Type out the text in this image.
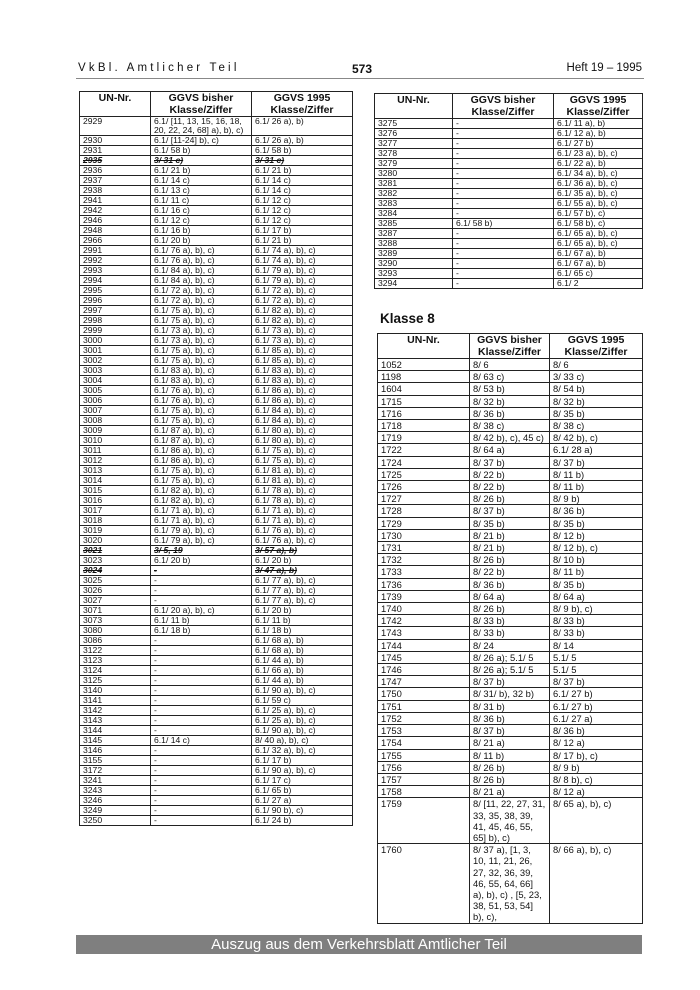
VkBl. Amtlicher Teil	573	Heft 19 – 1995
UN-Nr.	GGVS bisher Klasse/Ziffer	GGVS 1995 Klasse/Ziffer
2929	6.1/ [11, 13, 15, 16, 18, 20, 22, 24, 68] a), b), c)	6.1/ 26 a), b)
2930	6.1/ [11-24] b), c)	6.1/ 26 a), b)
2931	6.1/ 58 b)	6.1/ 58 b)
2935	3/ 31 c)	3/ 31 c)
2936	6.1/ 21 b)	6.1/ 21 b)
2937	6.1/ 14 c)	6.1/ 14 c)
2938	6.1/ 13 c)	6.1/ 14 c)
2941	6.1/ 11 c)	6.1/ 12 c)
2942	6.1/ 16 c)	6.1/ 12 c)
2946	6.1/ 12 c)	6.1/ 12 c)
2948	6.1/ 16 b)	6.1/ 17 b)
2966	6.1/ 20 b)	6.1/ 21 b)
2991	6.1/ 76 a), b), c)	6.1/ 74 a), b), c)
2992	6.1/ 76 a), b), c)	6.1/ 74 a), b), c)
2993	6.1/ 84 a), b), c)	6.1/ 79 a), b), c)
2994	6.1/ 84 a), b), c)	6.1/ 79 a), b), c)
2995	6.1/ 72 a), b), c)	6.1/ 72 a), b), c)
2996	6.1/ 72 a), b), c)	6.1/ 72 a), b), c)
2997	6.1/ 75 a), b), c)	6.1/ 82 a), b), c)
2998	6.1/ 75 a), b), c)	6.1/ 82 a), b), c)
2999	6.1/ 73 a), b), c)	6.1/ 73 a), b), c)
3000	6.1/ 73 a), b), c)	6.1/ 73 a), b), c)
3001	6.1/ 75 a), b), c)	6.1/ 85 a), b), c)
3002	6.1/ 75 a), b), c)	6.1/ 85 a), b), c)
3003	6.1/ 83 a), b), c)	6.1/ 83 a), b), c)
3004	6.1/ 83 a), b), c)	6.1/ 83 a), b), c)
3005	6.1/ 76 a), b), c)	6.1/ 86 a), b), c)
3006	6.1/ 76 a), b), c)	6.1/ 86 a), b), c)
3007	6.1/ 75 a), b), c)	6.1/ 84 a), b), c)
3008	6.1/ 75 a), b), c)	6.1/ 84 a), b), c)
3009	6.1/ 87 a), b), c)	6.1/ 80 a), b), c)
3010	6.1/ 87 a), b), c)	6.1/ 80 a), b), c)
3011	6.1/ 86 a), b), c)	6.1/ 75 a), b), c)
3012	6.1/ 86 a), b), c)	6.1/ 75 a), b), c)
3013	6.1/ 75 a), b), c)	6.1/ 81 a), b), c)
3014	6.1/ 75 a), b), c)	6.1/ 81 a), b), c)
3015	6.1/ 82 a), b), c)	6.1/ 78 a), b), c)
3016	6.1/ 82 a), b), c)	6.1/ 78 a), b), c)
3017	6.1/ 71 a), b), c)	6.1/ 71 a), b), c)
3018	6.1/ 71 a), b), c)	6.1/ 71 a), b), c)
3019	6.1/ 79 a), b), c)	6.1/ 76 a), b), c)
3020	6.1/ 79 a), b), c)	6.1/ 76 a), b), c)
3021	3/ 5, 19	3/ 57 a), b)
3023	6.1/ 20 b)	6.1/ 20 b)
3024	-	3/ 47 a), b)
3025	-	6.1/ 77 a), b), c)
3026	-	6.1/ 77 a), b), c)
3027	-	6.1/ 77 a), b), c)
3071	6.1/ 20 a), b), c)	6.1/ 20 b)
3073	6.1/ 11 b)	6.1/ 11 b)
3080	6.1/ 18 b)	6.1/ 18 b)
3086	-	6.1/ 68 a), b)
3122	-	6.1/ 68 a), b)
3123	-	6.1/ 44 a), b)
3124	-	6.1/ 66 a), b)
3125	-	6.1/ 44 a), b)
3140	-	6.1/ 90 a), b), c)
3141	-	6.1/ 59 c)
3142	-	6.1/ 25 a), b), c)
3143	-	6.1/ 25 a), b), c)
3144	-	6.1/ 90 a), b), c)
3145	6.1/ 14 c)	8/ 40 a), b), c)
3146	-	6.1/ 32 a), b), c)
3155	-	6.1/ 17 b)
3172	-	6.1/ 90 a), b), c)
3241	-	6.1/ 17 c)
3243	-	6.1/ 65 b)
3246	-	6.1/ 27 a)
3249	-	6.1/ 90 b), c)
3250	-	6.1/ 24 b)
UN-Nr.	GGVS bisher Klasse/Ziffer	GGVS 1995 Klasse/Ziffer
3275	-	6.1/ 11 a), b)
3276	-	6.1/ 12 a), b)
3277	-	6.1/ 27 b)
3278	-	6.1/ 23 a), b), c)
3279	-	6.1/ 22 a), b)
3280	-	6.1/ 34 a), b), c)
3281	-	6.1/ 36 a), b), c)
3282	-	6.1/ 35 a), b), c)
3283	-	6.1/ 55 a), b), c)
3284	-	6.1/ 57 b), c)
3285	6.1/ 58 b)	6.1/ 58 b), c)
3287	-	6.1/ 65 a), b), c)
3288	-	6.1/ 65 a), b), c)
3289	-	6.1/ 67 a), b)
3290	-	6.1/ 67 a), b)
3293	-	6.1/ 65 c)
3294	-	6.1/ 2
Klasse 8
UN-Nr.	GGVS bisher Klasse/Ziffer	GGVS 1995 Klasse/Ziffer
1052	8/ 6	8/ 6
1198	8/ 63 c)	3/ 33 c)
1604	8/ 53 b)	8/ 54 b)
1715	8/ 32 b)	8/ 32 b)
1716	8/ 36 b)	8/ 35 b)
1718	8/ 38 c)	8/ 38 c)
1719	8/ 42 b), c), 45 c)	8/ 42 b), c)
1722	8/ 64 a)	6.1/ 28 a)
1724	8/ 37 b)	8/ 37 b)
1725	8/ 22 b)	8/ 11 b)
1726	8/ 22 b)	8/ 11 b)
1727	8/ 26 b)	8/ 9 b)
1728	8/ 37 b)	8/ 36 b)
1729	8/ 35 b)	8/ 35 b)
1730	8/ 21 b)	8/ 12 b)
1731	8/ 21 b)	8/ 12 b), c)
1732	8/ 26 b)	8/ 10 b)
1733	8/ 22 b)	8/ 11 b)
1736	8/ 36 b)	8/ 35 b)
1739	8/ 64 a)	8/ 64 a)
1740	8/ 26 b)	8/ 9 b), c)
1742	8/ 33 b)	8/ 33 b)
1743	8/ 33 b)	8/ 33 b)
1744	8/ 24	8/ 14
1745	8/ 26 a); 5.1/ 5	5.1/ 5
1746	8/ 26 a); 5.1/ 5	5.1/ 5
1747	8/ 37 b)	8/ 37 b)
1750	8/ 31/ b), 32 b)	6.1/ 27 b)
1751	8/ 31 b)	6.1/ 27 b)
1752	8/ 36 b)	6.1/ 27 a)
1753	8/ 37 b)	8/ 36 b)
1754	8/ 21 a)	8/ 12 a)
1755	8/ 11 b)	8/ 17 b), c)
1756	8/ 26 b)	8/ 9 b)
1757	8/ 26 b)	8/ 8 b), c)
1758	8/ 21 a)	8/ 12 a)
1759	8/ [11, 22, 27, 31, 33, 35, 38, 39, 41, 45, 46, 55, 65] b), c)	8/ 65 a), b), c)
1760	8/ 37 a), [1, 3, 10, 11, 21, 26, 27, 32, 36, 39, 46, 55, 64, 66] a), b), c) , [5, 23, 38, 51, 53, 54] b), c),	8/ 66 a), b), c)
Auszug aus dem Verkehrsblatt Amtlicher Teil
